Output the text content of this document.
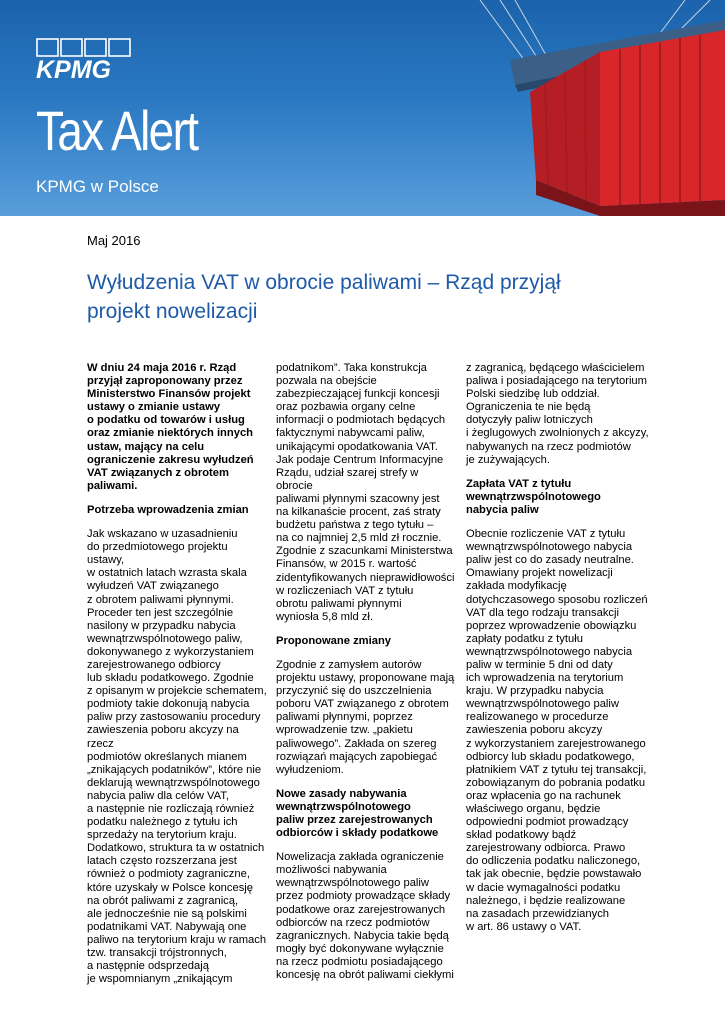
KPMG
Tax Alert
KPMG w Polsce
Maj 2016
Wyłudzenia VAT w obrocie paliwami – Rząd przyjął
projekt nowelizacji

W dniu 24 maja 2016 r. Rząd
przyjął zaproponowany przez
Ministerstwo Finansów projekt
ustawy o zmianie ustawy
o podatku od towarów i usług
oraz zmianie niektórych innych
ustaw, mający na celu
ograniczenie zakresu wyłudzeń
VAT związanych z obrotem
paliwami.

Potrzeba wprowadzenia zmian

Jak wskazano w uzasadnieniu
do przedmiotowego projektu ustawy,
w ostatnich latach wzrasta skala
wyłudzeń VAT związanego
z obrotem paliwami płynnymi.
Proceder ten jest szczególnie
nasilony w przypadku nabycia
wewnątrzwspólnotowego paliw,
dokonywanego z wykorzystaniem
zarejestrowanego odbiorcy
lub składu podatkowego. Zgodnie
z opisanym w projekcie schematem,
podmioty takie dokonują nabycia
paliw przy zastosowaniu procedury
zawieszenia poboru akcyzy na rzecz
podmiotów określanych mianem
„znikających podatników”, które nie
deklarują wewnątrzwspólnotowego
nabycia paliw dla celów VAT,
a następnie nie rozliczają również
podatku należnego z tytułu ich
sprzedaży na terytorium kraju.
Dodatkowo, struktura ta w ostatnich
latach często rozszerzana jest
również o podmioty zagraniczne,
które uzyskały w Polsce koncesję
na obrót paliwami z zagranicą,
ale jednocześnie nie są polskimi
podatnikami VAT. Nabywają one
paliwo na terytorium kraju w ramach
tzw. transakcji trójstronnych,
a następnie odsprzedają
je wspomnianym „znikającym

podatnikom”. Taka konstrukcja
pozwala na obejście
zabezpieczającej funkcji koncesji
oraz pozbawia organy celne
informacji o podmiotach będących
faktycznymi nabywcami paliw,
unikającymi opodatkowania VAT.
Jak podaje Centrum Informacyjne
Rządu, udział szarej strefy w obrocie
paliwami płynnymi szacowny jest
na kilkanaście procent, zaś straty
budżetu państwa z tego tytułu –
na co najmniej 2,5 mld zł rocznie.
Zgodnie z szacunkami Ministerstwa
Finansów, w 2015 r. wartość
zidentyfikowanych nieprawidłowości
w rozliczeniach VAT z tytułu
obrotu paliwami płynnymi
wyniosła 5,8 mld zł.

Proponowane zmiany

Zgodnie z zamysłem autorów
projektu ustawy, proponowane mają
przyczynić się do uszczelnienia
poboru VAT związanego z obrotem
paliwami płynnymi, poprzez
wprowadzenie tzw. „pakietu
paliwowego”. Zakłada on szereg
rozwiązań mających zapobiegać
wyłudzeniom.

Nowe zasady nabywania
wewnątrzwspólnotowego
paliw przez zarejestrowanych
odbiorców i składy podatkowe

Nowelizacja zakłada ograniczenie
możliwości nabywania
wewnątrzwspólnotowego paliw
przez podmioty prowadzące składy
podatkowe oraz zarejestrowanych
odbiorców na rzecz podmiotów
zagranicznych. Nabycia takie będą
mogły być dokonywane wyłącznie
na rzecz podmiotu posiadającego
koncesję na obrót paliwami ciekłymi

z zagranicą, będącego właścicielem
paliwa i posiadającego na terytorium
Polski siedzibę lub oddział.
Ograniczenia te nie będą
dotyczyły paliw lotniczych
i żeglugowych zwolnionych z akcyzy,
nabywanych na rzecz podmiotów
je zużywających.

Zapłata VAT z tytułu
wewnątrzwspólnotowego
nabycia paliw

Obecnie rozliczenie VAT z tytułu
wewnątrzwspólnotowego nabycia
paliw jest co do zasady neutralne.
Omawiany projekt nowelizacji
zakłada modyfikację
dotychczasowego sposobu rozliczeń
VAT dla tego rodzaju transakcji
poprzez wprowadzenie obowiązku
zapłaty podatku z tytułu
wewnątrzwspólnotowego nabycia
paliw w terminie 5 dni od daty
ich wprowadzenia na terytorium
kraju. W przypadku nabycia
wewnątrzwspólnotowego paliw
realizowanego w procedurze
zawieszenia poboru akcyzy
z wykorzystaniem zarejestrowanego
odbiorcy lub składu podatkowego,
płatnikiem VAT z tytułu tej transakcji,
zobowiązanym do pobrania podatku
oraz wpłacenia go na rachunek
właściwego organu, będzie
odpowiedni podmiot prowadzący
skład podatkowy bądź
zarejestrowany odbiorca. Prawo
do odliczenia podatku naliczonego,
tak jak obecnie, będzie powstawało
w dacie wymagalności podatku
należnego, i będzie realizowane
na zasadach przewidzianych
w art. 86 ustawy o VAT.
